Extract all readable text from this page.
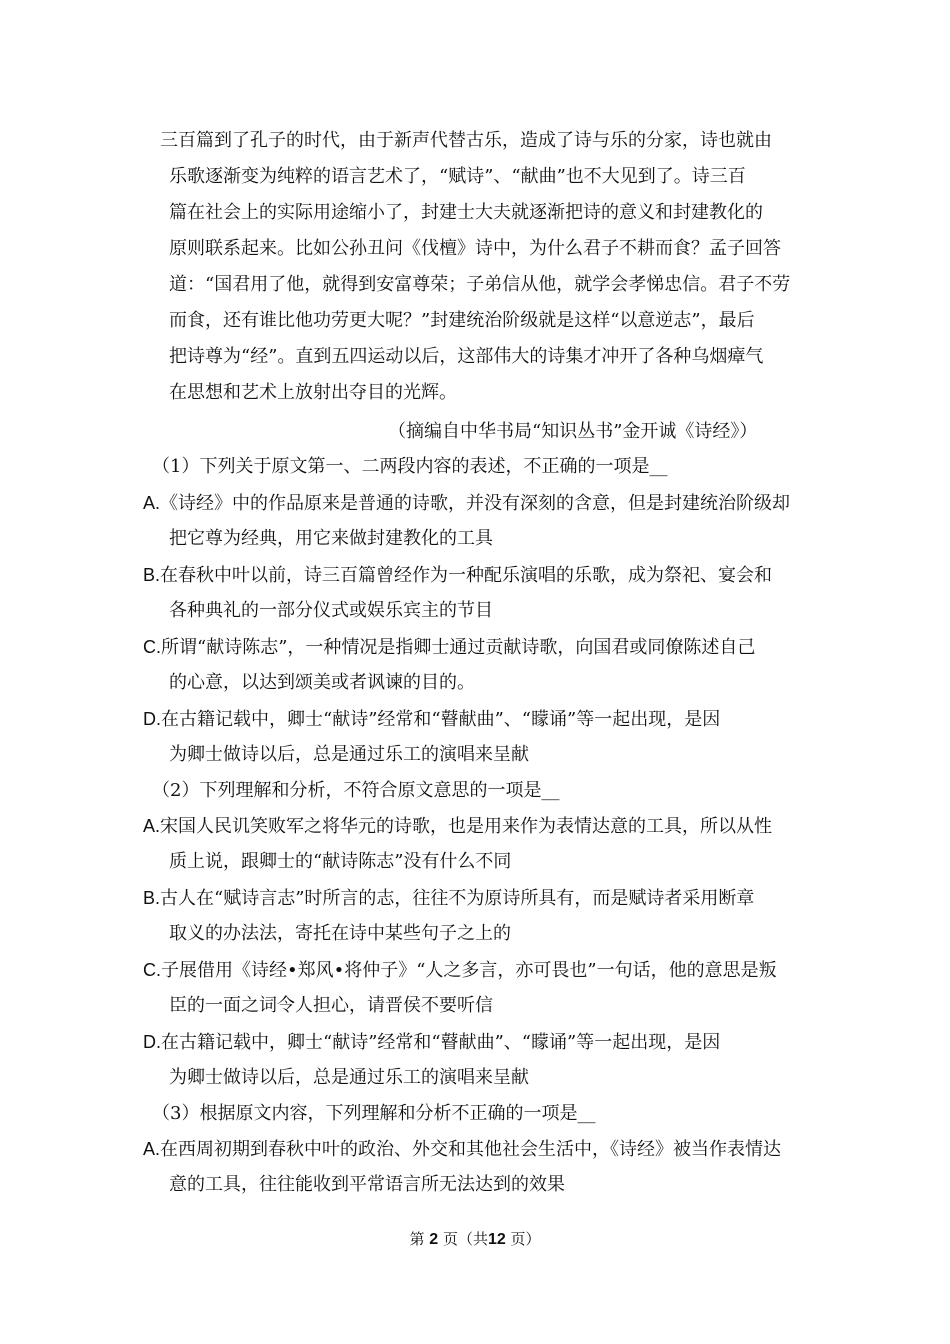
三百篇到了孔子的时代，由于新声代替古乐，造成了诗与乐的分家，诗也就由
乐歌逐渐变为纯粹的语言艺术了，“赋诗”、“献曲”也不大见到了。诗三百
篇在社会上的实际用途缩小了，封建士大夫就逐渐把诗的意义和封建教化的
原则联系起来。比如公孙丑问《伐檀》诗中，为什么君子不耕而食？孟子回答
道：“国君用了他，就得到安富尊荣；子弟信从他，就学会孝悌忠信。君子不劳
而食，还有谁比他功劳更大呢？”封建统治阶级就是这样“以意逆志”，最后
把诗尊为“经”。直到五四运动以后，这部伟大的诗集才冲开了各种乌烟瘴气
在思想和艺术上放射出夺目的光辉。
（摘编自中华书局“知识丛书”金开诚《诗经》）
（1）下列关于原文第一、二两段内容的表述，不正确的一项是__
A.《诗经》中的作品原来是普通的诗歌，并没有深刻的含意，但是封建统治阶级却
把它尊为经典，用它来做封建教化的工具
B.在春秋中叶以前，诗三百篇曾经作为一种配乐演唱的乐歌，成为祭祀、宴会和
各种典礼的一部分仪式或娱乐宾主的节目
C.所谓“献诗陈志”，一种情况是指卿士通过贡献诗歌，向国君或同僚陈述自己
的心意，以达到颂美或者讽谏的目的。
D.在古籍记载中，卿士“献诗”经常和“瞽献曲”、“矇诵”等一起出现，是因
为卿士做诗以后，总是通过乐工的演唱来呈献
（2）下列理解和分析，不符合原文意思的一项是__
A.宋国人民讥笑败军之将华元的诗歌，也是用来作为表情达意的工具，所以从性
质上说，跟卿士的“献诗陈志”没有什么不同
B.古人在“赋诗言志”时所言的志，往往不为原诗所具有，而是赋诗者采用断章
取义的办法法，寄托在诗中某些句子之上的
C.子展借用《诗经•郑风•将仲子》“人之多言，亦可畏也”一句话，他的意思是叛
臣的一面之词令人担心，请晋侯不要听信
D.在古籍记载中，卿士“献诗”经常和“瞽献曲”、“矇诵”等一起出现，是因
为卿士做诗以后，总是通过乐工的演唱来呈献
（3）根据原文内容，下列理解和分析不正确的一项是__
A.在西周初期到春秋中叶的政治、外交和其他社会生活中，《诗经》被当作表情达
意的工具，往往能收到平常语言所无法达到的效果
第 2 页（共12 页）
